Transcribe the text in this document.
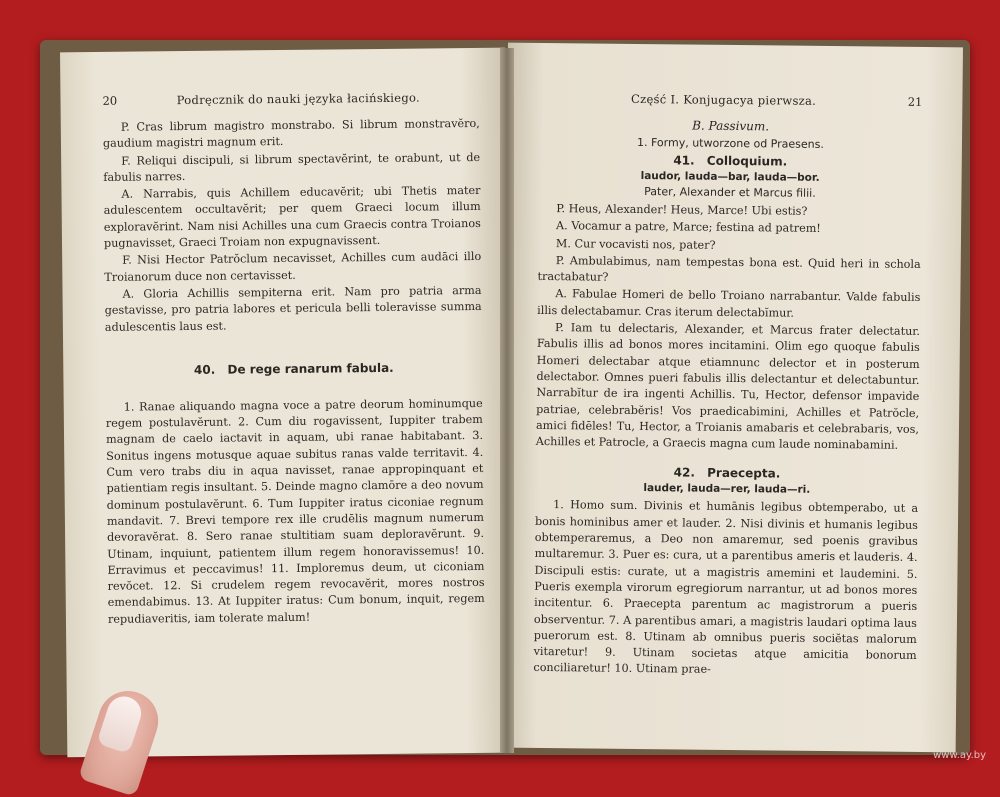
20	Podręcznik do nauki języka łacińskiego.

P. Cras librum magistro monstrabo. Si librum monstravĕro, gaudium magistri magnum erit.

F. Reliqui discipuli, si librum spectavĕrint, te orabunt, ut de fabulis narres.

A. Narrabis, quis Achillem educavĕrit; ubi Thetis mater adulescentem occultavĕrit; per quem Graeci locum illum exploravĕrint. Nam nisi Achilles una cum Graecis contra Troianos pugnavisset, Graeci Troiam non expugnavissent.

F. Nisi Hector Patrŏclum necavisset, Achilles cum audāci illo Troianorum duce non certavisset.

A. Gloria Achillis sempiterna erit. Nam pro patria arma gestavisse, pro patria labores et pericula belli toleravisse summa adulescentis laus est.

40. De rege ranarum fabula.

1. Ranae aliquando magna voce a patre deorum hominumque regem postulavĕrunt. 2. Cum diu rogavissent, Iuppiter trabem magnam de caelo iactavit in aquam, ubi ranae habitabant. 3. Sonitus ingens motusque aquae subitus ranas valde territavit. 4. Cum vero trabs diu in aqua navisset, ranae appropinquant et patientiam regis insultant. 5. Deinde magno clamōre a deo novum dominum postulavĕrunt. 6. Tum Iuppiter iratus ciconiae regnum mandavit. 7. Brevi tempore rex ille crudēlis magnum numerum devoravĕrat. 8. Sero ranae stultitiam suam deploravĕrunt. 9. Utinam, inquiunt, patientem illum regem honoravissemus! 10. Erravimus et peccavimus! 11. Imploremus deum, ut ciconiam revŏcet. 12. Si crudelem regem revocavĕrit, mores nostros emendabimus. 13. At Iuppiter iratus: Cum bonum, inquit, regem repudiaveritis, iam tolerate malum!

Część I. Konjugacya pierwsza.	21
B. Passivum.
1. Formy, utworzone od Praesens.
41. Colloquium.
laudor, lauda—bar, lauda—bor.
Pater, Alexander et Marcus filii.

P. Heus, Alexander! Heus, Marce! Ubi estis?

A. Vocamur a patre, Marce; festina ad patrem!

M. Cur vocavisti nos, pater?

P. Ambulabimus, nam tempestas bona est. Quid heri in schola tractabatur?

A. Fabulae Homeri de bello Troiano narrabantur. Valde fabulis illis delectabamur. Cras iterum delectabĭmur.

P. Iam tu delectaris, Alexander, et Marcus frater delectatur. Fabulis illis ad bonos mores incitamini. Olim ego quoque fabulis Homeri delectabar atque etiamnunc delector et in posterum delectabor. Omnes pueri fabulis illis delectantur et delectabuntur. Narrabĭtur de ira ingenti Achillis. Tu, Hector, defensor impavide patriae, celebrabĕris! Vos praedicabimini, Achilles et Patrŏcle, amici fidēles! Tu, Hector, a Troianis amabaris et celebrabaris, vos, Achilles et Patrocle, a Graecis magna cum laude nominabamini.

42. Praecepta.
lauder, lauda—rer, lauda—ri.

1. Homo sum. Divinis et humānis legibus obtemperabo, ut a bonis hominibus amer et lauder. 2. Nisi divinis et humanis legibus obtemperaremus, a Deo non amaremur, sed poenis gravibus multaremur. 3. Puer es: cura, ut a parentibus ameris et lauderis. 4. Discipuli estis: curate, ut a magistris amemini et laudemini. 5. Pueris exempla virorum egregiorum narrantur, ut ad bonos mores incitentur. 6. Praecepta parentum ac magistrorum a pueris observentur. 7. A parentibus amari, a magistris laudari optima laus puerorum est. 8. Utinam ab omnibus pueris sociĕtas malorum vitaretur! 9. Utinam societas atque amicitia bonorum conciliaretur! 10. Utinam prae-

www.ay.by
